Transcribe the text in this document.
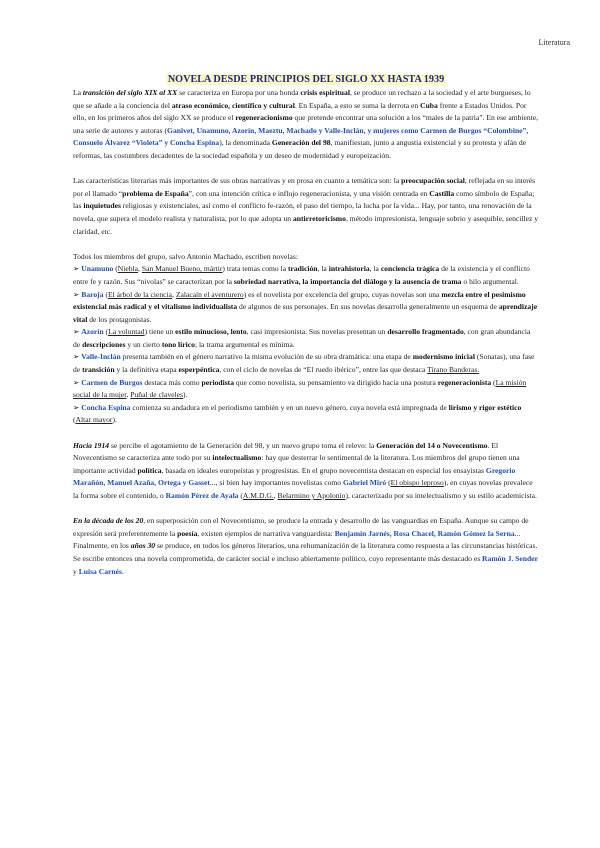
Literatura
NOVELA DESDE PRINCIPIOS DEL SIGLO XX HASTA 1939

La transición del siglo XIX al XX se caracteriza en Europa por una honda crisis espiritual, se produce un rechazo a la sociedad y el arte burgueses, lo que se añade a la conciencia del atraso económico, científico y cultural. En España, a esto se suma la derrota en Cuba frente a Estados Unidos. Por ello, en los primeros años del siglo XX se produce el regeneracionismo que pretende encontrar una solución a los “males de la patria”. En ese ambiente, una serie de autores y autoras (Ganivet, Unamuno, Azorín, Maeztu, Machado y Valle-Inclán, y mujeres como Carmen de Burgos “Colombine”, Consuelo Álvarez “Violeta” y Concha Espina), la denominada Generación del 98, manifiestan, junto a angustia existencial y su protesta y afán de reformas, las costumbres decadentes de la sociedad española y un deseo de modernidad y europeización.

Las características literarias más importantes de sus obras narrativas y en prosa en cuanto a temática son: la preocupación social, reflejada en su interés por el llamado “problema de España”, con una intención crítica e influjo regeneracionista, y una visión centrada en Castilla como símbolo de España; las inquietudes religiosas y existenciales, así como el conflicto fe-razón, el paso del tiempo, la lucha por la vida... Hay, por tanto, una renovación de la novela, que supera el modelo realista y naturalista, por lo que adopta un antirretoricismo, método impresionista, lenguaje sobrio y asequible, sencillez y claridad, etc.

Todos los miembros del grupo, salvo Antonio Machado, escriben novelas:

➢ Unamuno (Niebla, San Manuel Bueno, mártir) trata temas como la tradición, la intrahistoria, la conciencia trágica de la existencia y el conflicto entre fe y razón. Sus “nivolas” se caracterizan por la sobriedad narrativa, la importancia del diálogo y la ausencia de trama o hilo argumental.

➢ Baroja (El árbol de la ciencia, Zalacaín el aventurero) es el novelista por excelencia del grupo, cuyas novelas son una mezcla entre el pesimismo existencial más radical y el vitalismo individualista de algunos de sus personajes. En sus novelas desarrolla generalmente un esquema de aprendizaje vital de los protagonistas.

➢ Azorín (La voluntad) tiene un estilo minucioso, lento, casi impresionista. Sus novelas presentan un desarrollo fragmentado, con gran abundancia de descripciones y un cierto tono lírico; la trama argumental es mínima.

➢ Valle-Inclán presenta también en el género narrativo la misma evolución de su obra dramática: una etapa de modernismo inicial (Sonatas), una fase de transición y la definitiva etapa esperpéntica, con el ciclo de novelas de “El ruedo ibérico”, entre las que destaca Tirano Banderas.

➢ Carmen de Burgos destaca más como periodista que como novelista, su pensamiento va dirigido hacia una postura regeneracionista (La misión social de la mujer, Puñal de claveles).

➢ Concha Espina comienza su andadura en el periodismo también y en un nuevo género, cuya novela está impregnada de lirismo y rigor estético (Altar mayor).

Hacia 1914 se percibe el agotamiento de la Generación del 98, y un nuevo grupo toma el relevo: la Generación del 14 o Novecentismo. El Novecentismo se caracteriza ante todo por su intelectualismo: hay que desterrar lo sentimental de la literatura. Los miembros del grupo tienen una importante actividad política, basada en ideales europeístas y progresistas. En el grupo novecentista destacan en especial los ensayistas Gregorio Marañón, Manuel Azaña, Ortega y Gasset..., si bien hay importantes novelistas como Gabriel Miró (El obispo leproso), en cuyas novelas prevalece la forma sobre el contenido, o Ramón Pérez de Ayala (A.M.D.G., Belarmino y Apolonio), caracterizado por su intelectualismo y su estilo academicista.

En la década de los 20, en superposición con el Novecentismo, se produce la entrada y desarrollo de las vanguardias en España. Aunque su campo de expresión será preferentemente la poesía, existen ejemplos de narrativa vanguardista: Benjamín Jarnés, Rosa Chacel, Ramón Gómez la Serna... Finalmente, en los años 30 se produce, en todos los géneros literarios, una rehumanización de la literatura como respuesta a las circunstancias históricas. Se escribe entonces una novela comprometida, de carácter social e incluso abiertamente político, cuyo representante más destacado es Ramón J. Sender y Luisa Carnés.
